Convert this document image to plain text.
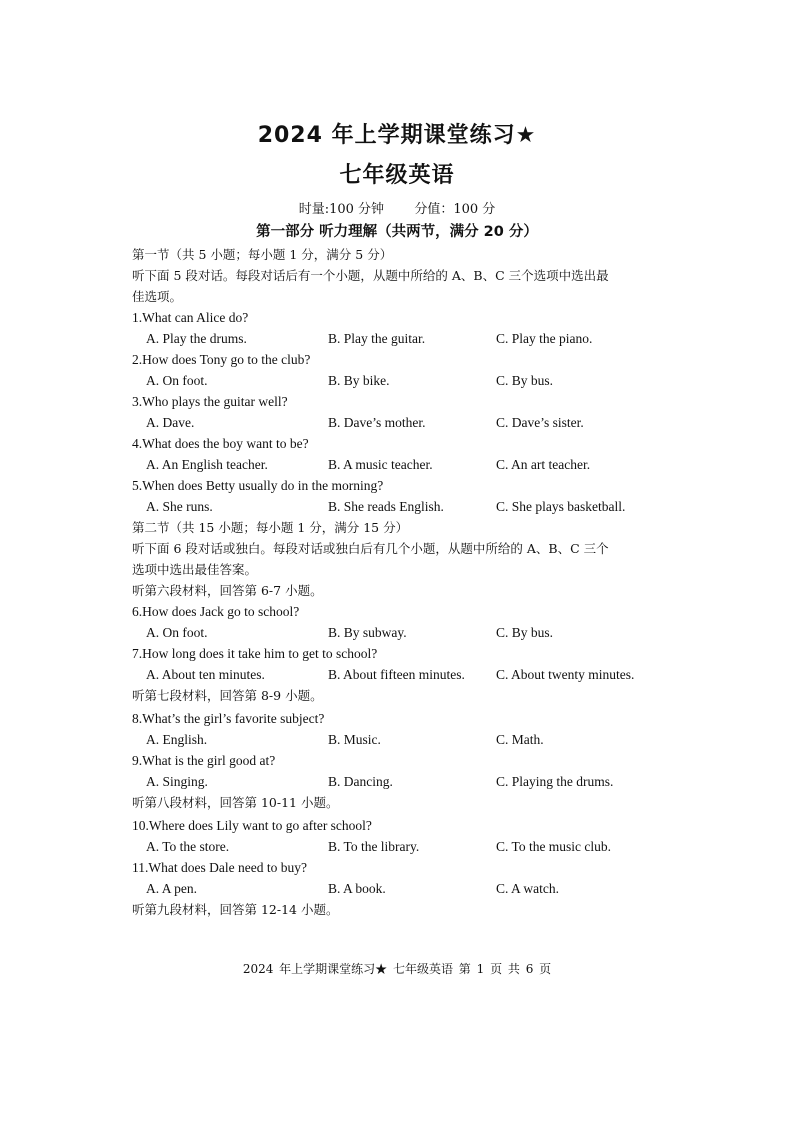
2024 年上学期课堂练习★
七年级英语
时量:100 分钟 分值：100 分
第一部分 听力理解（共两节，满分 20 分）
第一节（共 5 小题；每小题 1 分，满分 5 分）
听下面 5 段对话。每段对话后有一个小题，从题中所给的 A、B、C 三个选项中选出最
佳选项。
1.What can Alice do?
A. Play the drums.	B. Play the guitar.	C. Play the piano.
2.How does Tony go to the club?
A. On foot.	B. By bike.	C. By bus.
3.Who plays the guitar well?
A. Dave.	B. Dave’s mother.	C. Dave’s sister.
4.What does the boy want to be?
A. An English teacher.	B. A music teacher.	C. An art teacher.
5.When does Betty usually do in the morning?
A. She runs.	B. She reads English.	C. She plays basketball.
第二节（共 15 小题；每小题 1 分，满分 15 分）
听下面 6 段对话或独白。每段对话或独白后有几个小题，从题中所给的 A、B、C 三个
选项中选出最佳答案。
听第六段材料，回答第 6-7 小题。
6.How does Jack go to school?
A. On foot.	B. By subway.	C. By bus.
7.How long does it take him to get to school?
A. About ten minutes.	B. About fifteen minutes. C. About twenty minutes.
听第七段材料，回答第 8-9 小题。
8.What’s the girl’s favorite subject?
A. English.	B. Music.	C. Math.
9.What is the girl good at?
A. Singing.	B. Dancing.	C. Playing the drums.
听第八段材料，回答第 10-11 小题。
10.Where does Lily want to go after school?
A. To the store.	B. To the library.	C. To the music club.
11.What does Dale need to buy?
A. A pen.	B. A book.	C. A watch.
听第九段材料，回答第 12-14 小题。
2024 年上学期课堂练习★ 七年级英语 第 1 页 共 6 页
